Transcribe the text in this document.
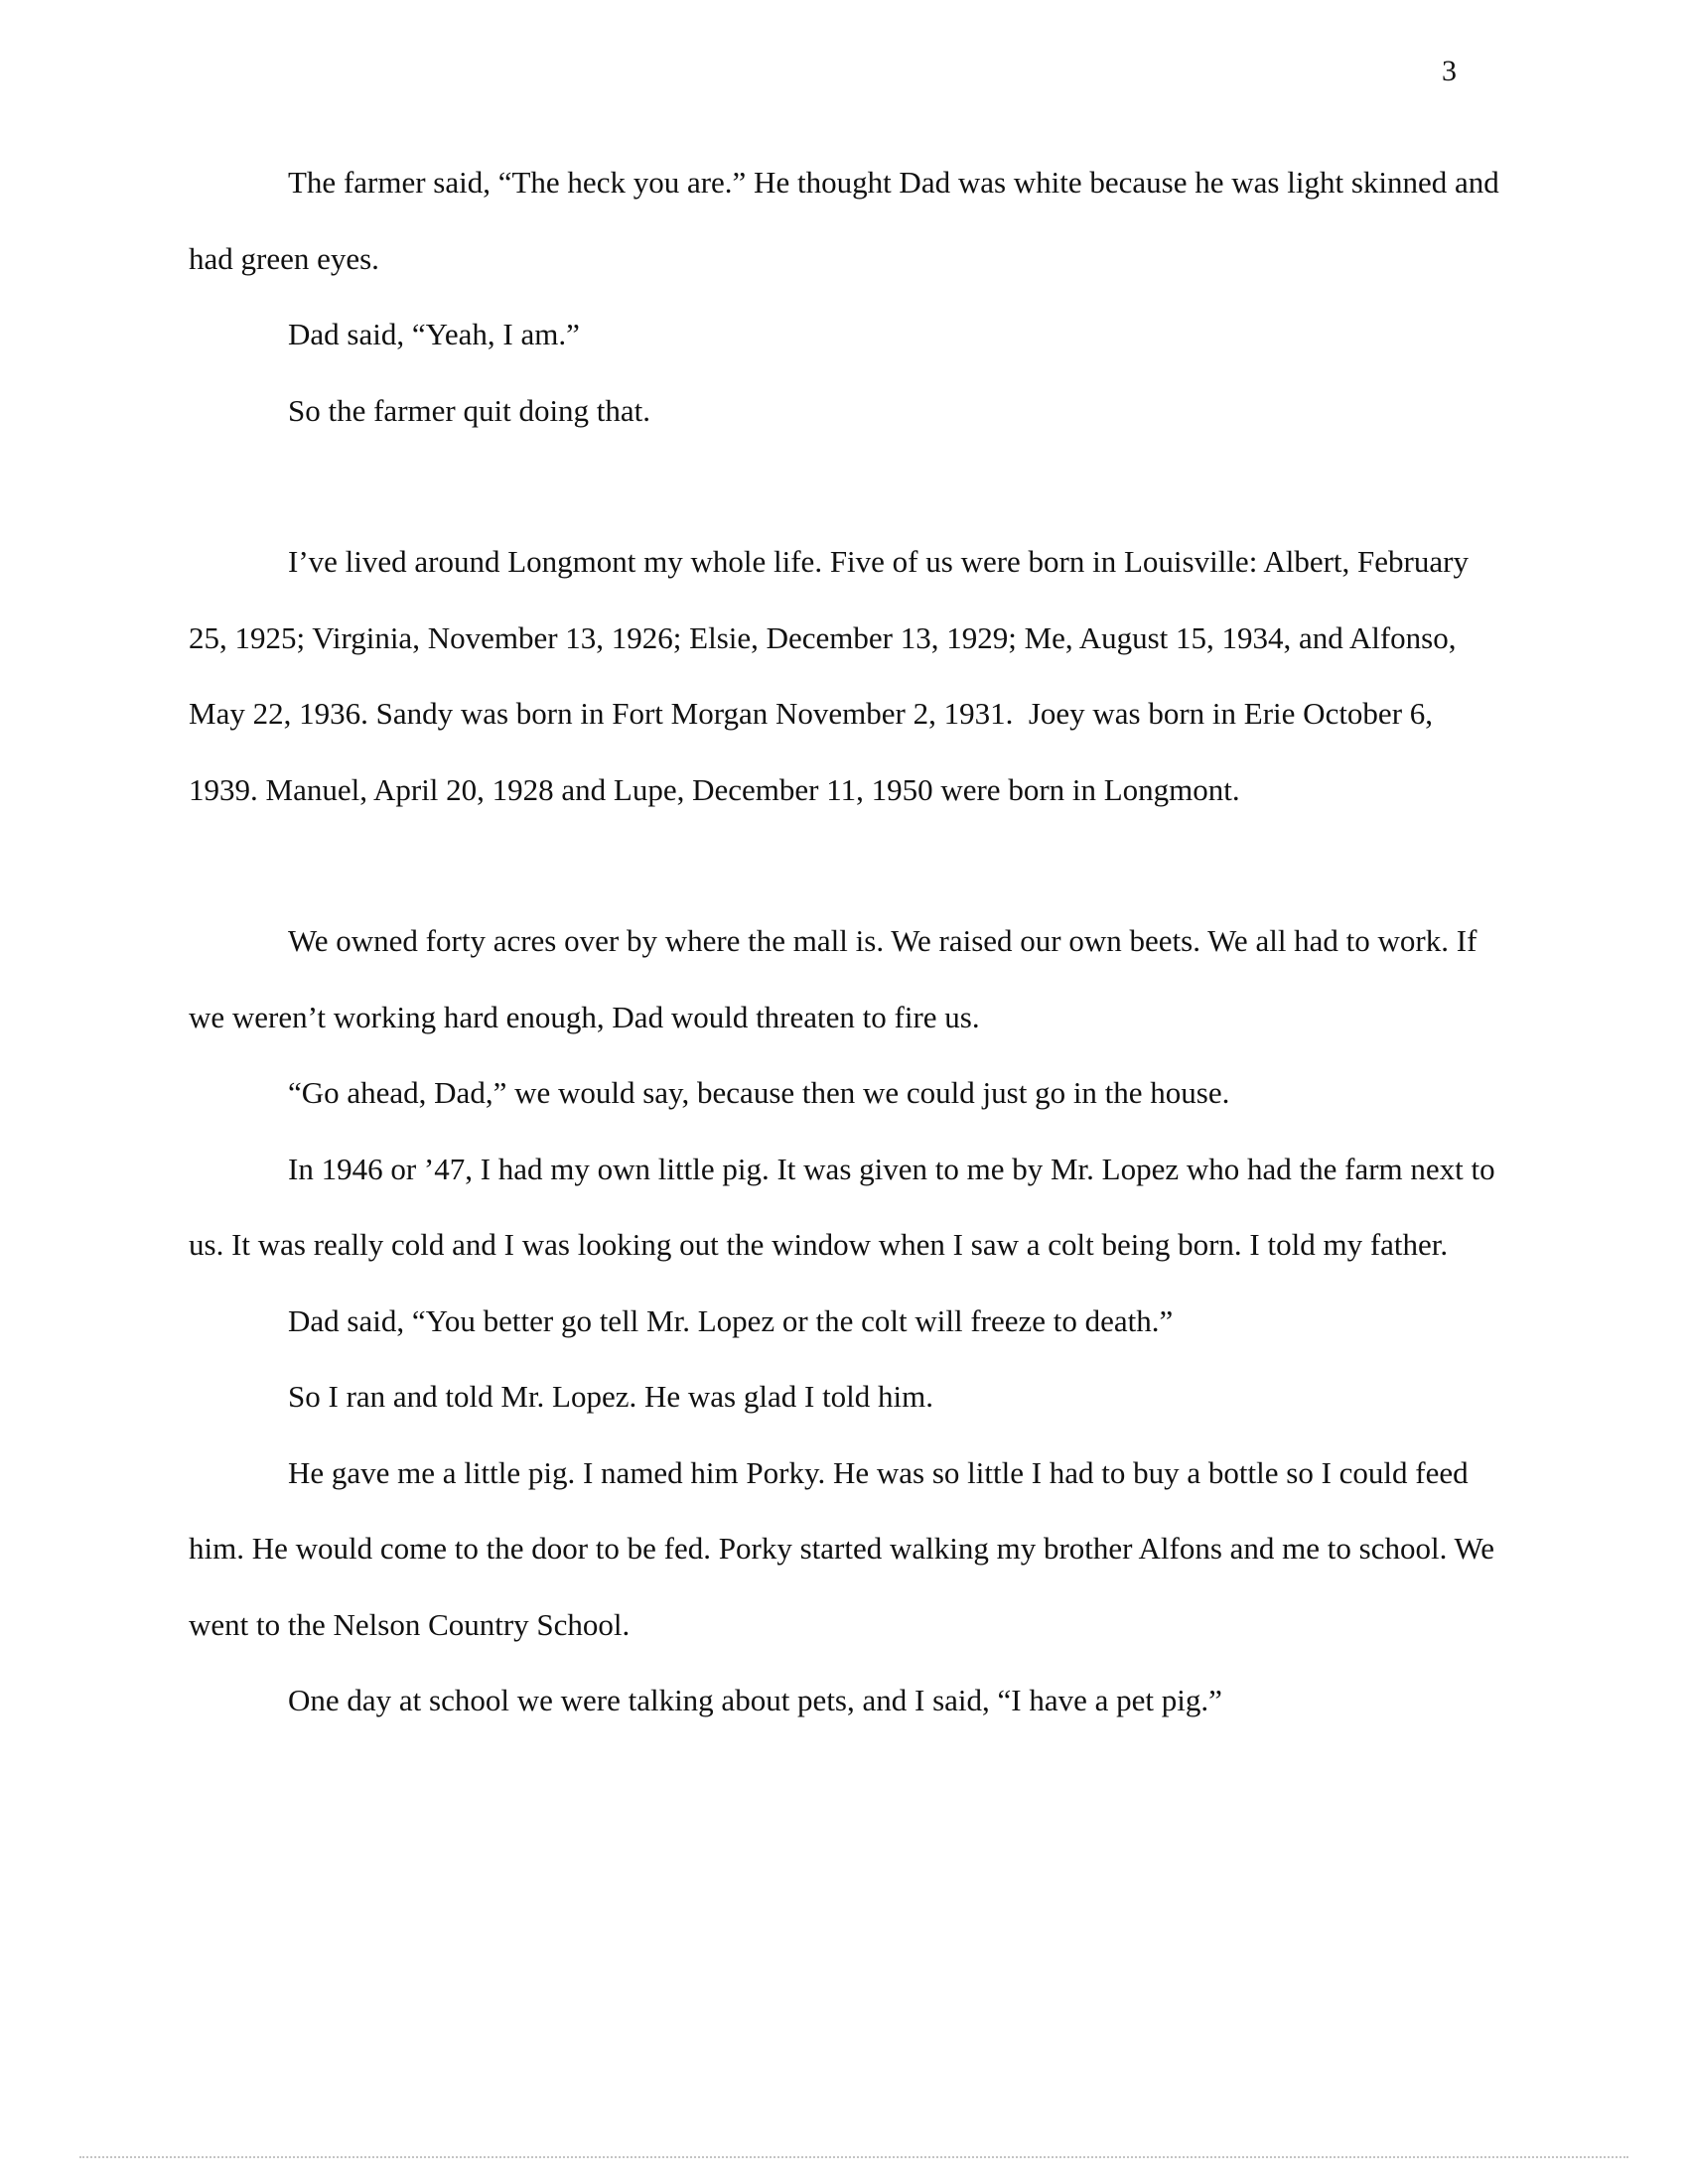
3

The farmer said, “The heck you are.” He thought Dad was white because he was light skinned and had green eyes.

Dad said, “Yeah, I am.”

So the farmer quit doing that.

I’ve lived around Longmont my whole life. Five of us were born in Louisville: Albert, February 25, 1925; Virginia, November 13, 1926; Elsie, December 13, 1929; Me, August 15, 1934, and Alfonso, May 22, 1936. Sandy was born in Fort Morgan November 2, 1931.  Joey was born in Erie October 6, 1939. Manuel, April 20, 1928 and Lupe, December 11, 1950 were born in Longmont.

We owned forty acres over by where the mall is. We raised our own beets. We all had to work. If we weren’t working hard enough, Dad would threaten to fire us.

“Go ahead, Dad,” we would say, because then we could just go in the house.

In 1946 or ’47, I had my own little pig. It was given to me by Mr. Lopez who had the farm next to us. It was really cold and I was looking out the window when I saw a colt being born. I told my father.

Dad said, “You better go tell Mr. Lopez or the colt will freeze to death.”

So I ran and told Mr. Lopez. He was glad I told him.

He gave me a little pig. I named him Porky. He was so little I had to buy a bottle so I could feed him. He would come to the door to be fed. Porky started walking my brother Alfons and me to school. We went to the Nelson Country School.

One day at school we were talking about pets, and I said, “I have a pet pig.”
